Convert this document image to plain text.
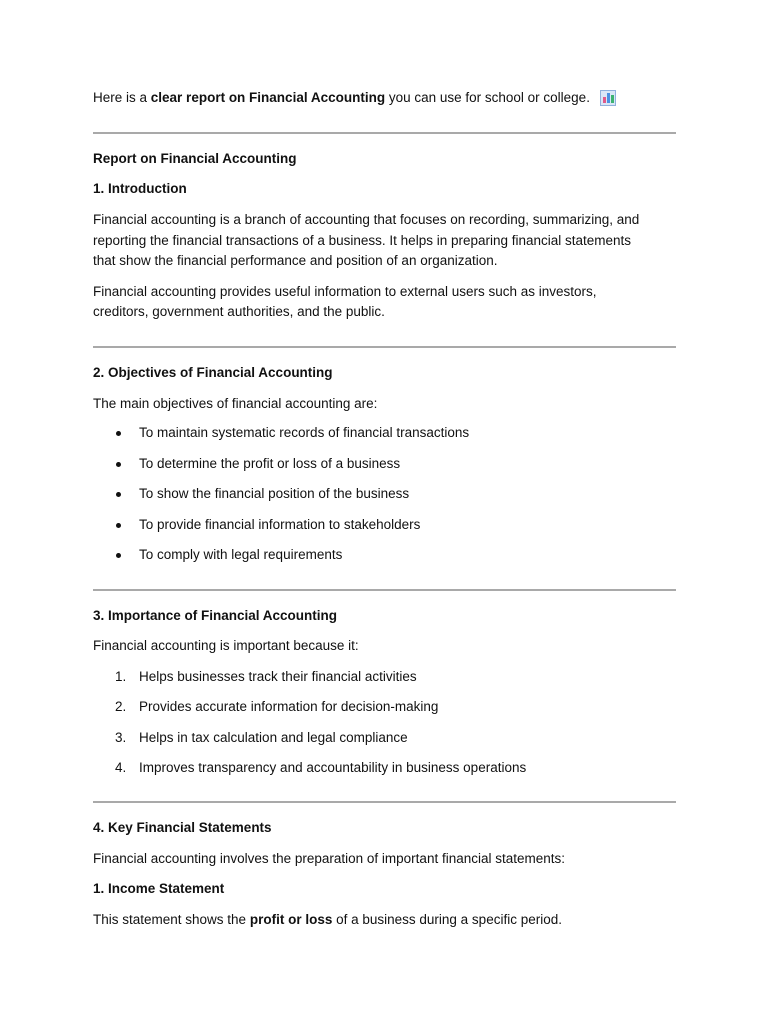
Here is a clear report on Financial Accounting you can use for school or college.
Report on Financial Accounting
1. Introduction
Financial accounting is a branch of accounting that focuses on recording, summarizing, and
reporting the financial transactions of a business. It helps in preparing financial statements
that show the financial performance and position of an organization.
Financial accounting provides useful information to external users such as investors,
creditors, government authorities, and the public.
2. Objectives of Financial Accounting
The main objectives of financial accounting are:
To maintain systematic records of financial transactions
To determine the profit or loss of a business
To show the financial position of the business
To provide financial information to stakeholders
To comply with legal requirements
3. Importance of Financial Accounting
Financial accounting is important because it:
1. Helps businesses track their financial activities
2. Provides accurate information for decision-making
3. Helps in tax calculation and legal compliance
4. Improves transparency and accountability in business operations
4. Key Financial Statements
Financial accounting involves the preparation of important financial statements:
1. Income Statement
This statement shows the profit or loss of a business during a specific period.
